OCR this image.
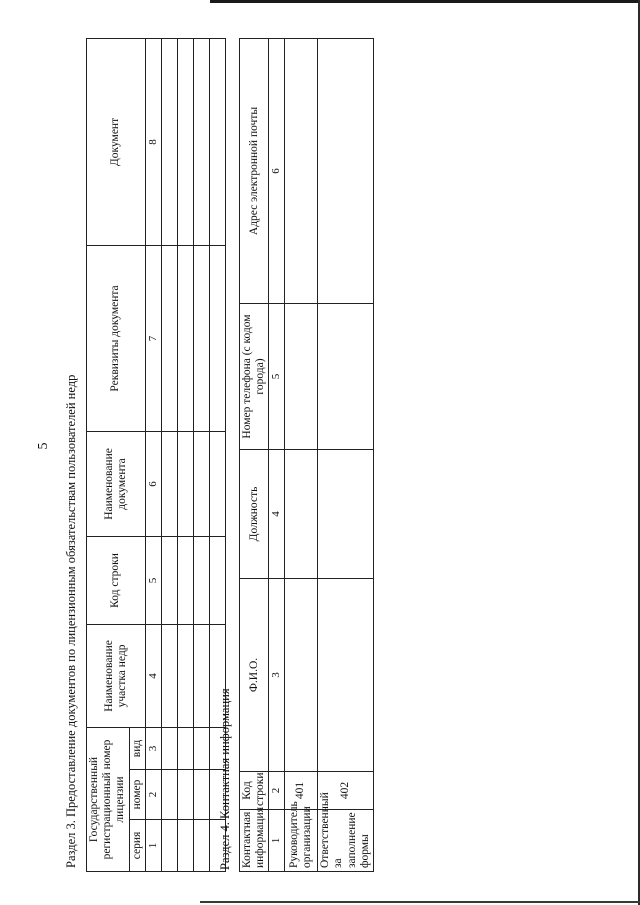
5 Раздел 3. Предоставление документов по лицензионным обязательствам пользователей недр Государственный регистрационный номер лицензии			Наименование участка недр	Код строки	Наименование документа	Реквизиты документа	Документ
серия	номер	вид					
1	2	3	4	5	6	7	8

Раздел 4. Контактная информация Контактная информация	Код строки	Ф.И.О.	Должность	Номер телефона (с кодом города)	Адрес электронной почты
1	2	3	4	5	6
Руководитель организации	401				
Ответственный за заполнение формы	402				
